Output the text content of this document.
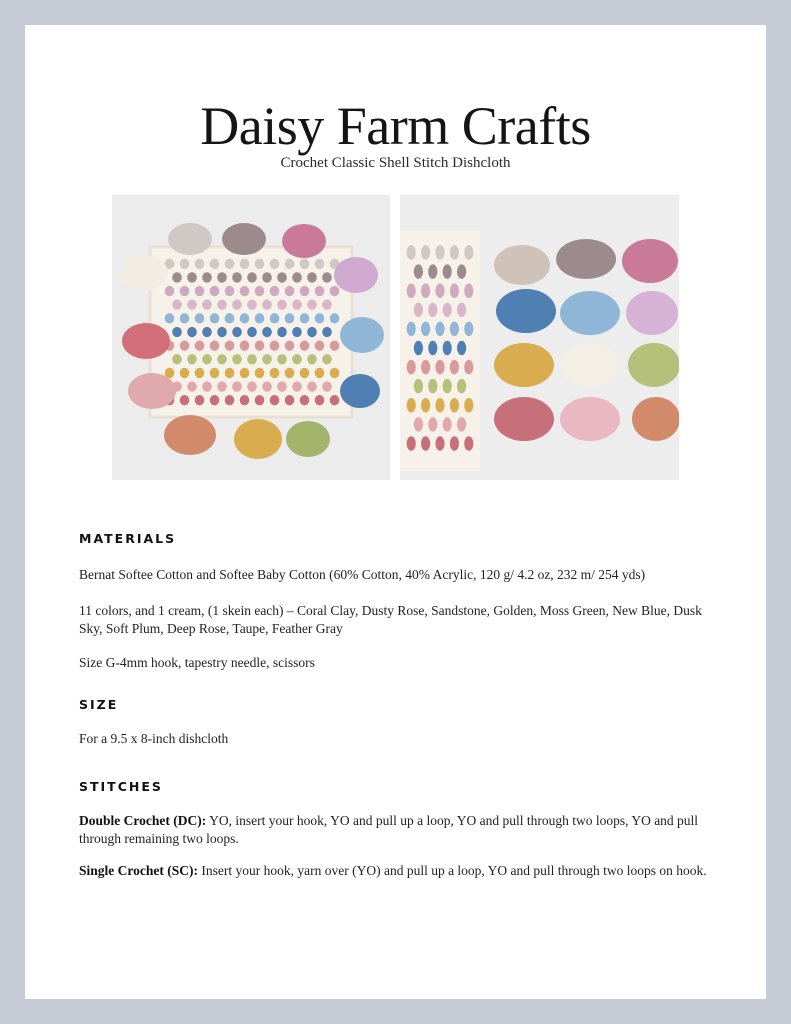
Daisy Farm Crafts
Crochet Classic Shell Stitch Dishcloth
MATERIALS
Bernat Softee Cotton and Softee Baby Cotton (60% Cotton, 40% Acrylic, 120 g/ 4.2 oz, 232 m/ 254 yds)
11 colors, and 1 cream, (1 skein each) – Coral Clay, Dusty Rose, Sandstone, Golden, Moss Green, New Blue, Dusk Sky, Soft Plum, Deep Rose, Taupe, Feather Gray
Size G-4mm hook, tapestry needle, scissors
SIZE
For a 9.5 x 8-inch dishcloth
STITCHES
Double Crochet (DC): YO, insert your hook, YO and pull up a loop, YO and pull through two loops, YO and pull through remaining two loops.
Single Crochet (SC): Insert your hook, yarn over (YO) and pull up a loop, YO and pull through two loops on hook.
